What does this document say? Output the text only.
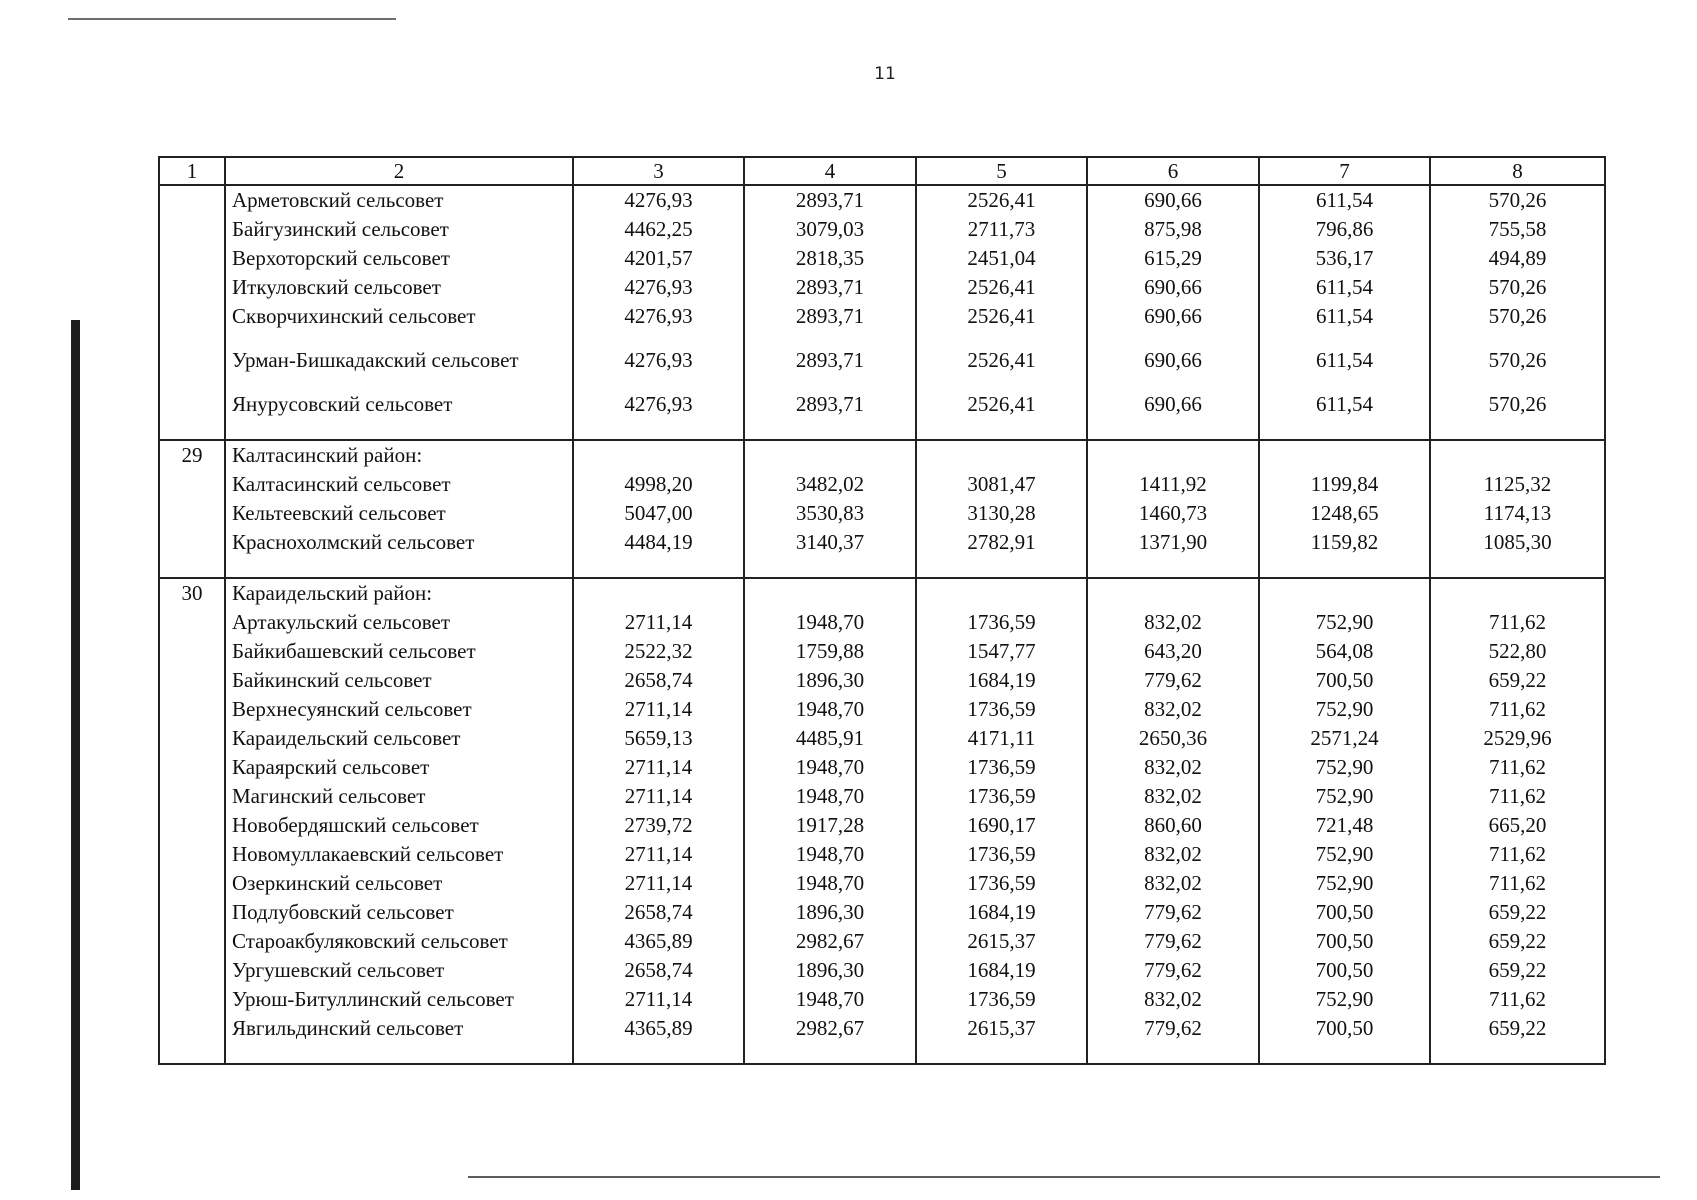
11
1	2	3	4	5	6	7	8
	Арметовский сельсовет	4276,93	2893,71	2526,41	690,66	611,54	570,26
	Байгузинский сельсовет	4462,25	3079,03	2711,73	875,98	796,86	755,58
	Верхоторский сельсовет	4201,57	2818,35	2451,04	615,29	536,17	494,89
	Иткуловский сельсовет	4276,93	2893,71	2526,41	690,66	611,54	570,26
	Скворчихинский сельсовет	4276,93	2893,71	2526,41	690,66	611,54	570,26
	Урман-Бишкадакский сельсовет	4276,93	2893,71	2526,41	690,66	611,54	570,26
	Янурусовский сельсовет	4276,93	2893,71	2526,41	690,66	611,54	570,26

29	Калтасинский район:						
	Калтасинский сельсовет	4998,20	3482,02	3081,47	1411,92	1199,84	1125,32
	Кельтеевский сельсовет	5047,00	3530,83	3130,28	1460,73	1248,65	1174,13
	Краснохолмский сельсовет	4484,19	3140,37	2782,91	1371,90	1159,82	1085,30

30	Караидельский район:						
	Артакульский сельсовет	2711,14	1948,70	1736,59	832,02	752,90	711,62
	Байкибашевский сельсовет	2522,32	1759,88	1547,77	643,20	564,08	522,80
	Байкинский сельсовет	2658,74	1896,30	1684,19	779,62	700,50	659,22
	Верхнесуянский сельсовет	2711,14	1948,70	1736,59	832,02	752,90	711,62
	Караидельский сельсовет	5659,13	4485,91	4171,11	2650,36	2571,24	2529,96
	Караярский сельсовет	2711,14	1948,70	1736,59	832,02	752,90	711,62
	Магинский сельсовет	2711,14	1948,70	1736,59	832,02	752,90	711,62
	Новобердяшский сельсовет	2739,72	1917,28	1690,17	860,60	721,48	665,20
	Новомуллакаевский сельсовет	2711,14	1948,70	1736,59	832,02	752,90	711,62
	Озеркинский сельсовет	2711,14	1948,70	1736,59	832,02	752,90	711,62
	Подлубовский сельсовет	2658,74	1896,30	1684,19	779,62	700,50	659,22
	Староакбуляковский сельсовет	4365,89	2982,67	2615,37	779,62	700,50	659,22
	Ургушевский сельсовет	2658,74	1896,30	1684,19	779,62	700,50	659,22
	Урюш-Битуллинский сельсовет	2711,14	1948,70	1736,59	832,02	752,90	711,62
	Явгильдинский сельсовет	4365,89	2982,67	2615,37	779,62	700,50	659,22
